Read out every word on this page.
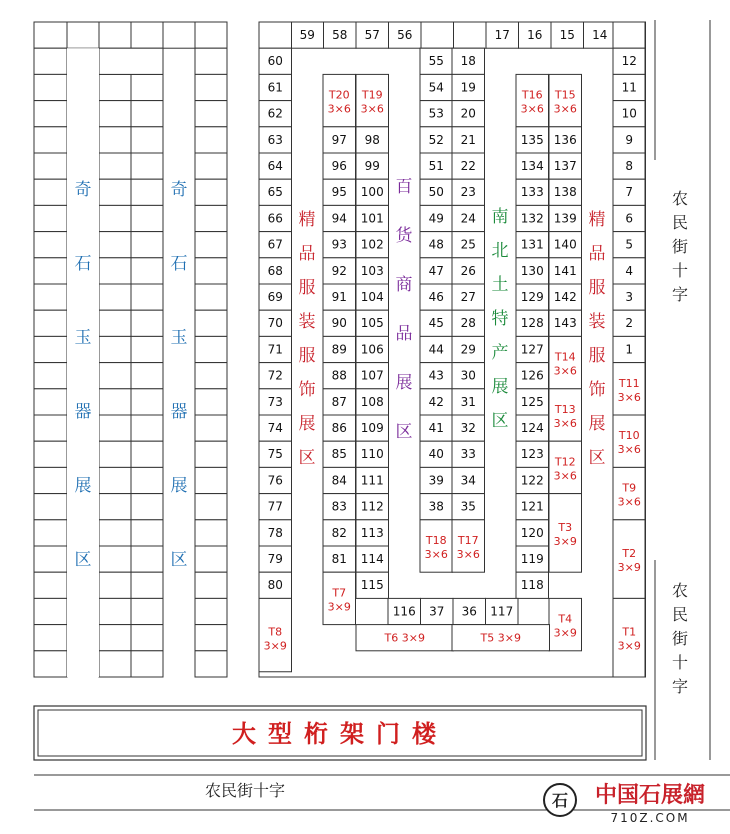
奇
石
玉
器
展
区
奇
石
玉
器
展
区
59 58 57 56	17 16 15 14
60
61
62
63
64
65
66
67
68
69
70
71
72
73
74
75
76
77
78
79
80
T8
3×9
12
11
10
9
8
7
6
5
4
3
2
1
T11
3×6
T10
3×6
T9
3×6
T2
3×9
T1
3×9
T20
3×6
T19
3×6
97
96
95
94
93
92
91
90
89
88
87
86
85
84
83
82
81
98
99
100
101
102
103
104
105
106
107
108
109
110
111
112
113
114
115
T7
3×9
55
54
53
52
51
50
49
48
47
46
45
44
43
42
41
40
39
38
18
19
20
21
22
23
24
25
26
27
28
29
30
31
32
33
34
35
T18
3×6
T17
3×6
T16
3×6
T15
3×6
135
134
133
132
131
130
129
128
127
126
125
124
123
122
121
120
119
118
136
137
138
139
140
141
142
143
T14
3×6
T13
3×6
T12
3×6
T3
3×9
T4
3×9
116 37 36 117
T6 3×9	T5 3×9
精
品
服
装
服
饰
展
区
精
品
服
装
服
饰
展
区
百
货
商
品
展
区
南
北
土
特
产
展
区
大型桁架门楼
农民街十字
农
民
街
十
字
农
民
街
十
字
石 中国石展網
710Z.COM
